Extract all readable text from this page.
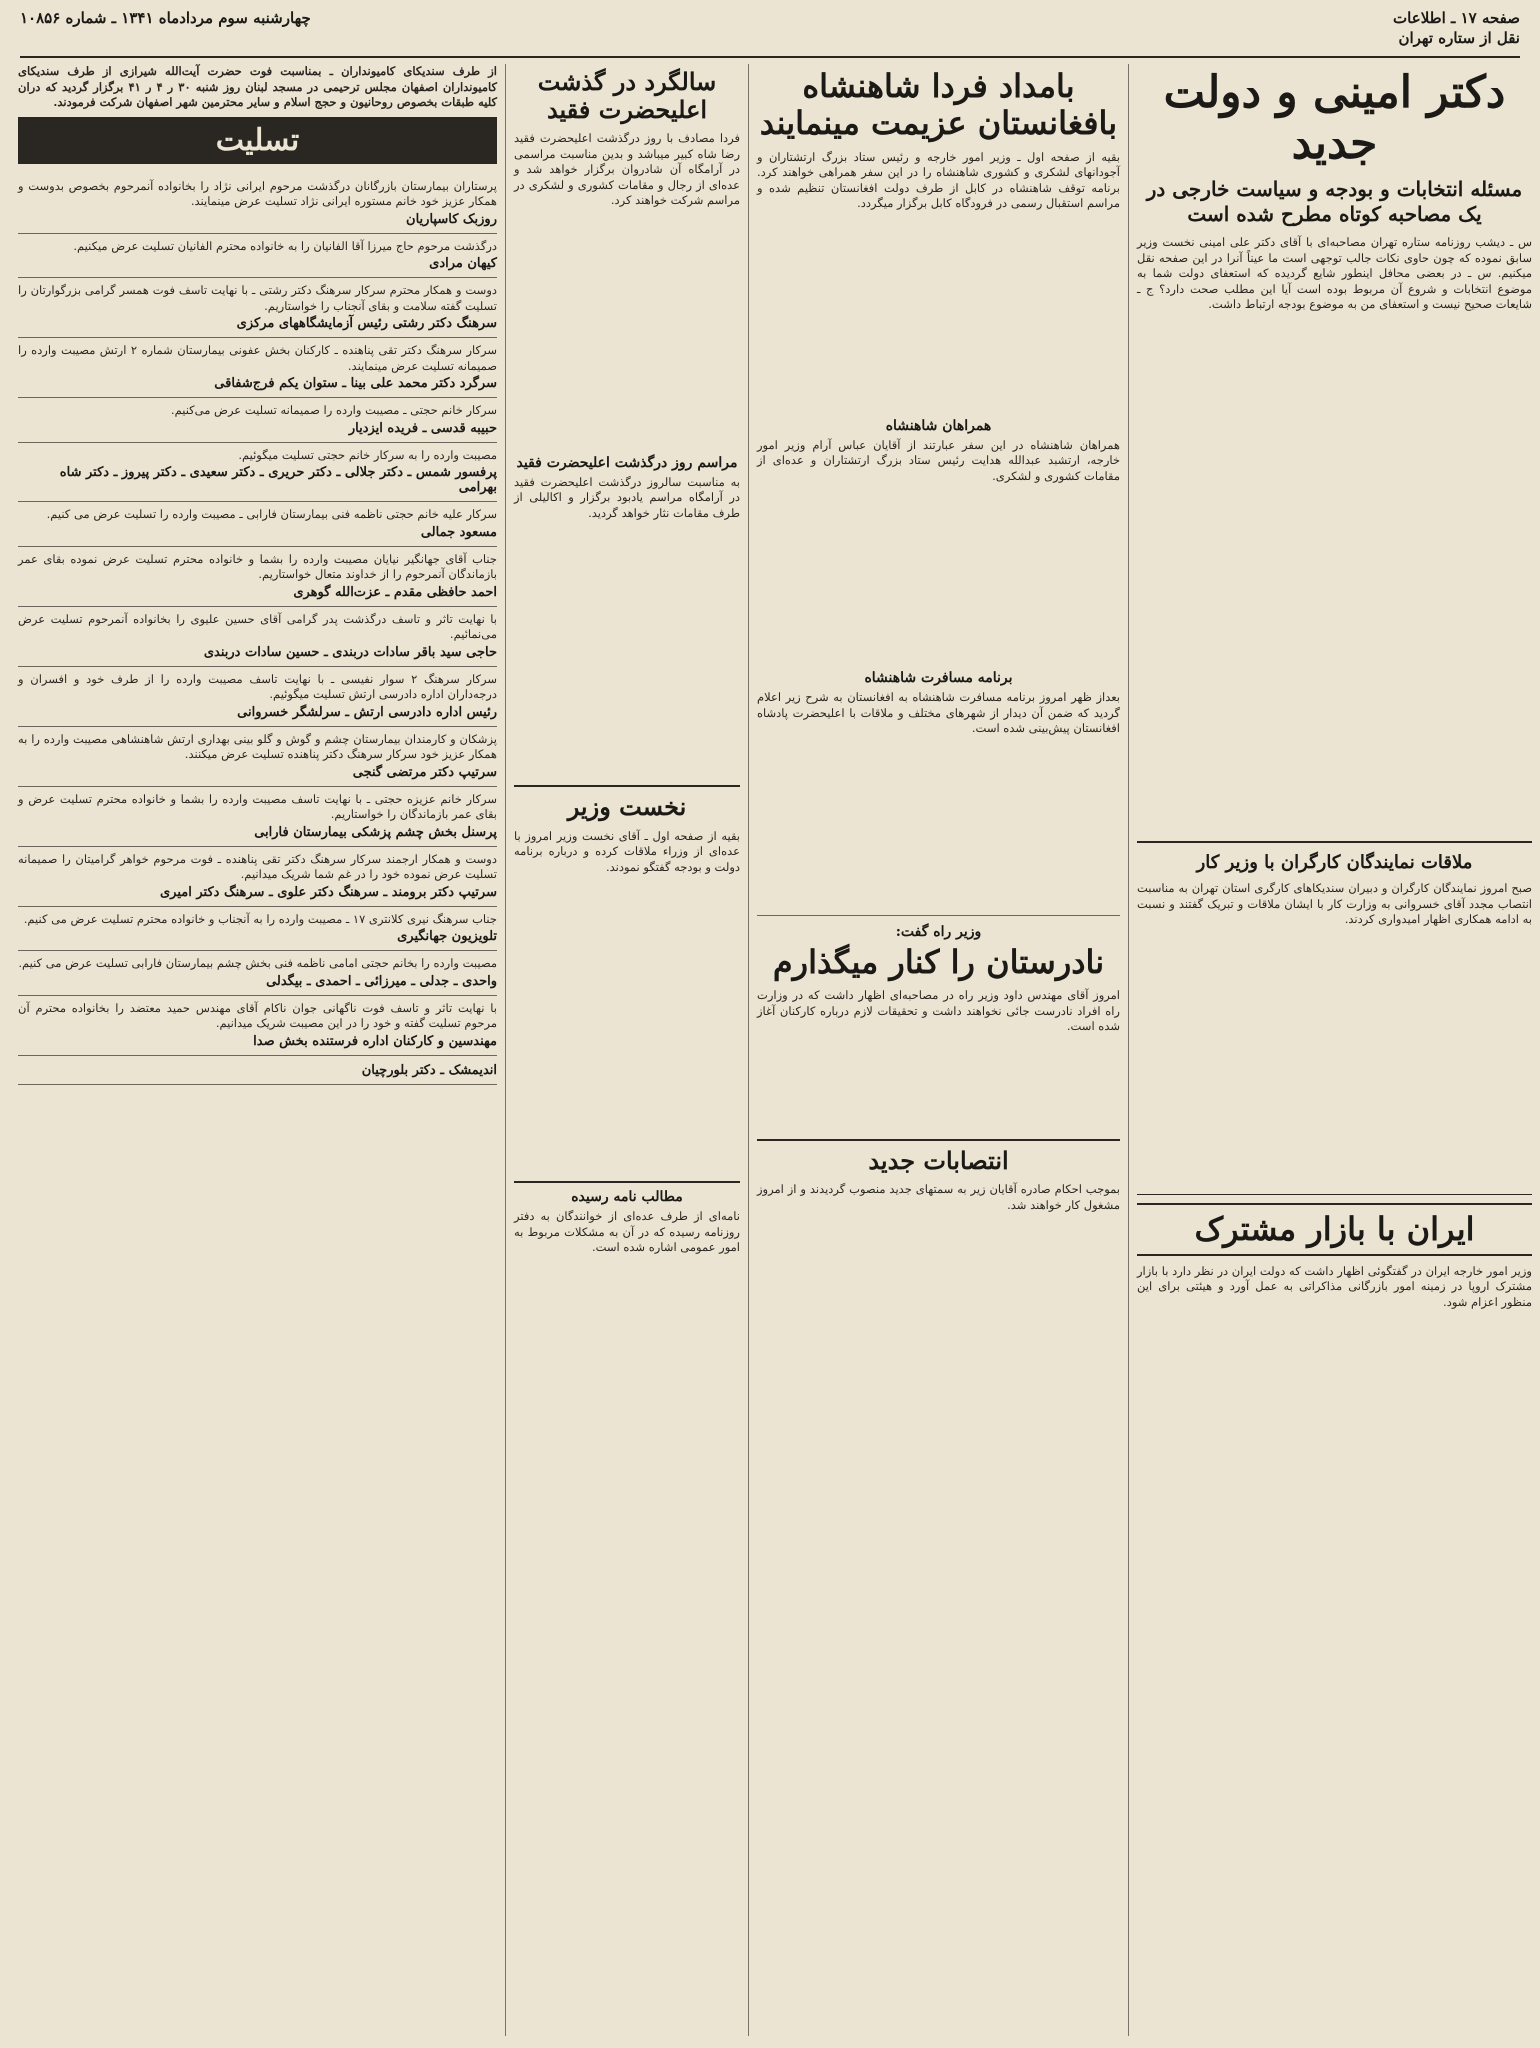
صفحه ۱۷ ـ اطلاعات
نقل از ستاره تهران
چهارشنبه سوم مردادماه ۱۳۴۱ ـ شماره ۱۰۸۵۶
دکتر امینی و دولت جدید
مسئله انتخابات و بودجه و سیاست خارجی در یک مصاحبه کوتاه مطرح شده است
س ـ دیشب روزنامه ستاره تهران مصاحبه‌ای با آقای دکتر علی امینی نخست وزیر سابق نموده که چون حاوی نکات جالب توجهی است ما عیناً آنرا در این صفحه نقل میکنیم. س ـ در بعضی محافل اینطور شایع گردیده که استعفای دولت شما به موضوع انتخابات و شروع آن مربوط بوده است آیا این مطلب صحت دارد؟ ج ـ شایعات صحیح نیست و استعفای من به موضوع بودجه ارتباط داشت.
ملاقات نمایندگان کارگران با وزیر کار
صبح امروز نمایندگان کارگران و دبیران سندیکاهای کارگری استان تهران به مناسبت انتصاب مجدد آقای خسروانی به وزارت کار با ایشان ملاقات و تبریک گفتند و نسبت به ادامه همکاری اظهار امیدواری کردند.
ایران با بازار مشترک
وزیر امور خارجه ایران در گفتگوئی اظهار داشت که دولت ایران در نظر دارد با بازار مشترک اروپا در زمینه امور بازرگانی مذاکراتی به عمل آورد و هیئتی برای این منظور اعزام شود.
بامداد فردا شاهنشاه بافغانستان عزیمت مینمایند
بقیه از صفحه اول ـ وزیر امور خارجه و رئیس ستاد بزرگ ارتشتاران و آجودانهای لشکری و کشوری شاهنشاه را در این سفر همراهی خواهند کرد. برنامه توقف شاهنشاه در کابل از طرف دولت افغانستان تنظیم شده و مراسم استقبال رسمی در فرودگاه کابل برگزار میگردد.
همراهان شاهنشاه
همراهان شاهنشاه در این سفر عبارتند از آقایان عباس آرام وزیر امور خارجه، ارتشبد عبدالله هدایت رئیس ستاد بزرگ ارتشتاران و عده‌ای از مقامات کشوری و لشکری.
برنامه مسافرت شاهنشاه
بعداز ظهر امروز برنامه مسافرت شاهنشاه به افغانستان به شرح زیر اعلام گردید که ضمن آن دیدار از شهرهای مختلف و ملاقات با اعلیحضرت پادشاه افغانستان پیش‌بینی شده است.
وزیر راه گفت:
نادرستان را کنار میگذارم
امروز آقای مهندس داود وزیر راه در مصاحبه‌ای اظهار داشت که در وزارت راه افراد نادرست جائی نخواهند داشت و تحقیقات لازم درباره کارکنان آغاز شده است.
انتصابات جدید
بموجب احکام صادره آقایان زیر به سمتهای جدید منصوب گردیدند و از امروز مشغول کار خواهند شد.
سالگرد در گذشت اعلیحضرت فقید
فردا مصادف با روز درگذشت اعلیحضرت فقید رضا شاه کبیر میباشد و بدین مناسبت مراسمی در آرامگاه آن شادروان برگزار خواهد شد و عده‌ای از رجال و مقامات کشوری و لشکری در مراسم شرکت خواهند کرد.
مراسم روز درگذشت اعلیحضرت فقید
به مناسبت سالروز درگذشت اعلیحضرت فقید در آرامگاه مراسم یادبود برگزار و اکالیلی از طرف مقامات نثار خواهد گردید.
نخست وزیر
بقیه از صفحه اول ـ آقای نخست وزیر امروز با عده‌ای از وزراء ملاقات کرده و درباره برنامه دولت و بودجه گفتگو نمودند.
مطالب نامه رسیده
نامه‌ای از طرف عده‌ای از خوانندگان به دفتر روزنامه رسیده که در آن به مشکلات مربوط به امور عمومی اشاره شده است.
از طرف سندیکای کامیونداران ـ بمناسبت فوت حضرت آیت‌الله شیرازی از طرف سندیکای کامیونداران اصفهان مجلس ترحیمی در مسجد لبنان روز شنبه ۳۰ ر ۴ ر ۴۱ برگزار گردید که دران کلیه طبقات بخصوص روحانیون و حجج اسلام و سایر محترمین شهر اصفهان شرکت فرمودند.
تسلیت
پرستاران بیمارستان بازرگانان درگذشت مرحوم ایرانی نژاد را بخانواده آنمرحوم بخصوص بدوست و همکار عزیز خود خانم مستوره ایرانی نژاد تسلیت عرض مینمایند.
روزبک کاسپاریان
درگذشت مرحوم حاج میرزا آقا الفانیان را به خانواده محترم الفانیان تسلیت عرض میکنیم.
کیهان مرادی
دوست و همکار محترم سرکار سرهنگ دکتر رشتی ـ با نهایت تاسف فوت همسر گرامی بزرگوارتان را تسلیت گفته سلامت و بقای آنجناب را خواستاریم.
سرهنگ دکتر رشتی رئیس آزمایشگاههای مرکزی
سرکار سرهنگ دکتر تقی پناهنده ـ کارکنان بخش عفونی بیمارستان شماره ۲ ارتش مصیبت وارده را صمیمانه تسلیت عرض مینمایند.
سرگرد دکتر محمد علی بینا ـ ستوان یکم فرج‌شفاقی
سرکار خانم حجتی ـ مصیبت وارده را صمیمانه تسلیت عرض می‌کنیم.
حبیبه قدسی ـ فریده ایزدیار
مصیبت وارده را به سرکار خانم حجتی تسلیت میگوئیم.
پرفسور شمس ـ دکتر جلالی ـ دکتر حریری ـ دکتر سعیدی ـ دکتر پیروز ـ دکتر شاه بهرامی
سرکار علیه خانم حجتی ناظمه فنی بیمارستان فارابی ـ مصیبت وارده را تسلیت عرض می کنیم.
مسعود جمالی
جناب آقای جهانگیر نیایان مصیبت وارده را بشما و خانواده محترم تسلیت عرض نموده بقای عمر بازماندگان آنمرحوم را از خداوند متعال خواستاریم.
احمد حافظی مقدم ـ عزت‌الله گوهری
با نهایت تاثر و تاسف درگذشت پدر گرامی آقای حسین علیوی را بخانواده آنمرحوم تسلیت عرض می‌نمائیم.
حاجی سید باقر سادات دربندی ـ حسین سادات دربندی
سرکار سرهنگ ۲ سوار نفیسی ـ با نهایت تاسف مصیبت وارده را از طرف خود و افسران و درجه‌داران اداره دادرسی ارتش تسلیت میگوئیم.
رئیس اداره دادرسی ارتش ـ سرلشگر خسروانی
پزشکان و کارمندان بیمارستان چشم و گوش و گلو بینی بهداری ارتش شاهنشاهی مصیبت وارده را به همکار عزیز خود سرکار سرهنگ دکتر پناهنده تسلیت عرض میکنند.
سرتیپ دکتر مرتضی گنجی
سرکار خانم عزیزه حجتی ـ با نهایت تاسف مصیبت وارده را بشما و خانواده محترم تسلیت عرض و بقای عمر بازماندگان را خواستاریم.
پرسنل بخش چشم پزشکی بیمارستان فارابی
دوست و همکار ارجمند سرکار سرهنگ دکتر تقی پناهنده ـ فوت مرحوم خواهر گرامیتان را صمیمانه تسلیت عرض نموده خود را در غم شما شریک میدانیم.
سرتیپ دکتر برومند ـ سرهنگ دکتر علوی ـ سرهنگ دکتر امیری
جناب سرهنگ نیری کلانتری ۱۷ ـ مصیبت وارده را به آنجناب و خانواده محترم تسلیت عرض می کنیم.
تلویزیون جهانگیری
مصیبت وارده را بخانم حجتی امامی ناظمه فنی بخش چشم بیمارستان فارابی تسلیت عرض می کنیم.
واحدی ـ جدلی ـ میرزائی ـ احمدی ـ بیگدلی
با نهایت تاثر و تاسف فوت ناگهانی جوان ناکام آقای مهندس حمید معتضد را بخانواده محترم آن مرحوم تسلیت گفته و خود را در این مصیبت شریک میدانیم.
مهندسین و کارکنان اداره فرستنده بخش صدا
اندیمشک ـ دکتر بلورچیان
